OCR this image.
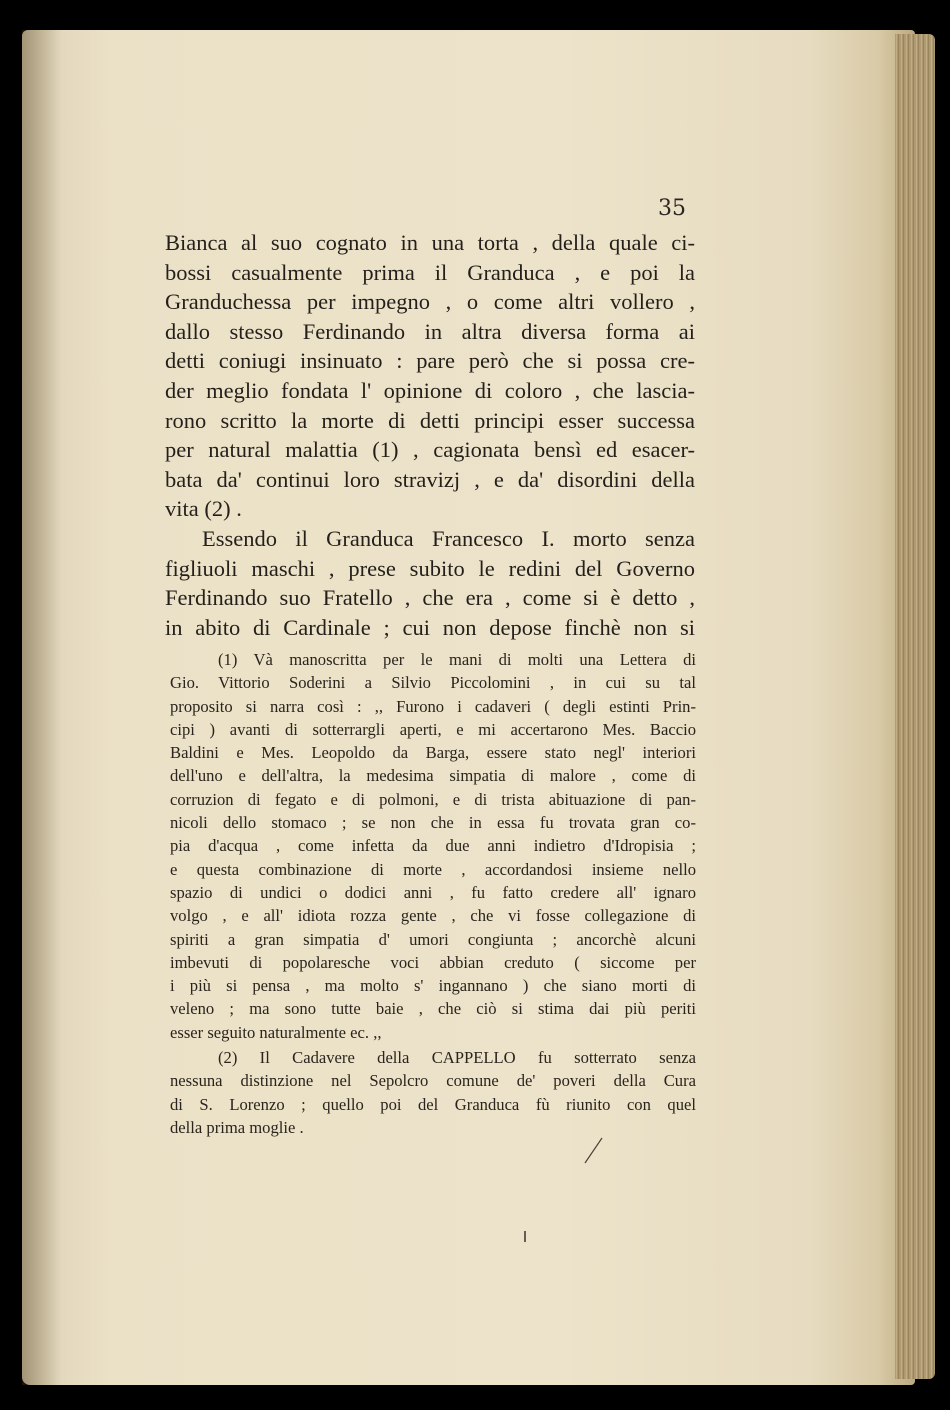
35
Bianca al suo cognato in una torta , della quale ci-
bossi casualmente prima il Granduca , e poi la
Granduchessa per impegno , o come altri vollero ,
dallo stesso Ferdinando in altra diversa forma ai
detti coniugi insinuato : pare però che si possa cre-
der meglio fondata l' opinione di coloro , che lascia-
rono scritto la morte di detti principi esser successa
per natural malattia (1) , cagionata bensì ed esacer-
bata da' continui loro stravizj , e da' disordini della
vita (2) .
Essendo il Granduca Francesco I. morto senza
figliuoli maschi , prese subito le redini del Governo
Ferdinando suo Fratello , che era , come si è detto ,
in abito di Cardinale ; cui non depose finchè non si
(1) Và manoscritta per le mani di molti una Lettera di
Gio. Vittorio Soderini a Silvio Piccolomini , in cui su tal
proposito si narra così : ,, Furono i cadaveri ( degli estinti Prin-
cipi ) avanti di sotterrargli aperti, e mi accertarono Mes. Baccio
Baldini e Mes. Leopoldo da Barga, essere stato negl' interiori
dell'uno e dell'altra, la medesima simpatia di malore , come di
corruzion di fegato e di polmoni, e di trista abituazione di pan-
nicoli dello stomaco ; se non che in essa fu trovata gran co-
pia d'acqua , come infetta da due anni indietro d'Idropisia ;
e questa combinazione di morte , accordandosi insieme nello
spazio di undici o dodici anni , fu fatto credere all' ignaro
volgo , e all' idiota rozza gente , che vi fosse collegazione di
spiriti a gran simpatia d' umori congiunta ; ancorchè alcuni
imbevuti di popolaresche voci abbian creduto ( siccome per
i più si pensa , ma molto s' ingannano ) che siano morti di
veleno ; ma sono tutte baie , che ciò si stima dai più periti
esser seguito naturalmente ec. ,,
(2) Il Cadavere della CAPPELLO fu sotterrato senza
nessuna distinzione nel Sepolcro comune de' poveri della Cura
di S. Lorenzo ; quello poi del Granduca fù riunito con quel
della prima moglie .
